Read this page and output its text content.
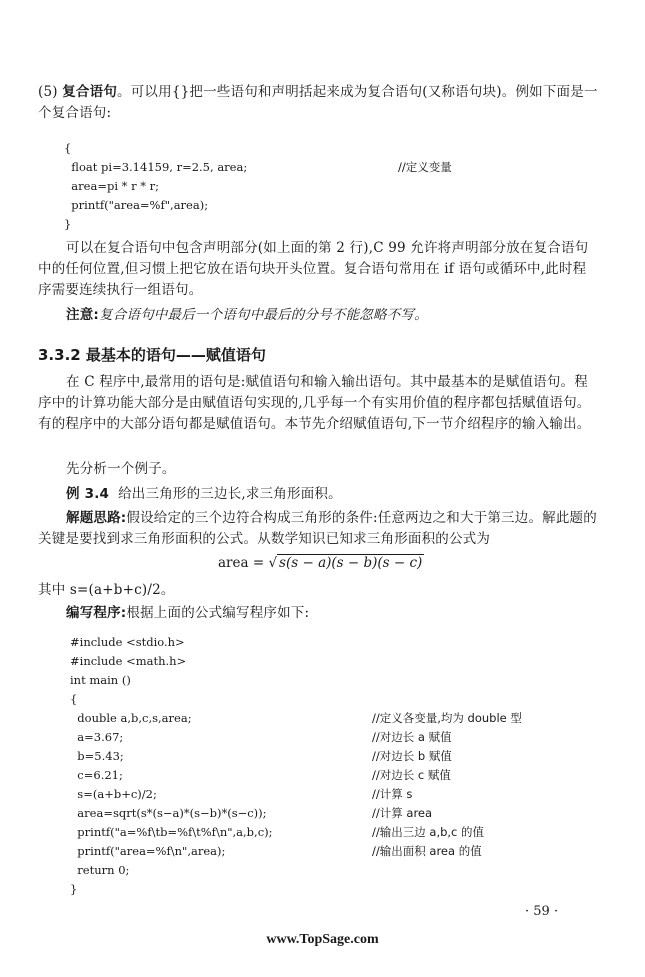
(5) 复合语句。可以用{}把一些语句和声明括起来成为复合语句(又称语句块)。例如下面是一个复合语句:
{
float pi=3.14159, r=2.5, area;
area=pi * r * r;
printf("area=%f",area);
}
//定义变量
可以在复合语句中包含声明部分(如上面的第 2 行),C 99 允许将声明部分放在复合语句中的任何位置,但习惯上把它放在语句块开头位置。复合语句常用在 if 语句或循环中,此时程序需要连续执行一组语句。
注意:复合语句中最后一个语句中最后的分号不能忽略不写。
3.3.2 最基本的语句——赋值语句
在 C 程序中,最常用的语句是:赋值语句和输入输出语句。其中最基本的是赋值语句。程序中的计算功能大部分是由赋值语句实现的,几乎每一个有实用价值的程序都包括赋值语句。有的程序中的大部分语句都是赋值语句。本节先介绍赋值语句,下一节介绍程序的输入输出。
先分析一个例子。
例 3.4 给出三角形的三边长,求三角形面积。
解题思路:假设给定的三个边符合构成三角形的条件:任意两边之和大于第三边。解此题的关键是要找到求三角形面积的公式。从数学知识已知求三角形面积的公式为
area = √ s(s − a)(s − b)(s − c)
其中 s=(a+b+c)/2。
编写程序:根据上面的公式编写程序如下:
#include <stdio.h>
#include <math.h>
int main ()
{
double a,b,c,s,area;
a=3.67;
b=5.43;
c=6.21;
s=(a+b+c)/2;
area=sqrt(s*(s−a)*(s−b)*(s−c));
printf("a=%f\tb=%f\t%f\n",a,b,c);
printf("area=%f\n",area);
return 0;
}
//定义各变量,均为 double 型
//对边长 a 赋值
//对边长 b 赋值
//对边长 c 赋值
//计算 s
//计算 area
//输出三边 a,b,c 的值
//输出面积 area 的值
· 59 ·
www.TopSage.com
